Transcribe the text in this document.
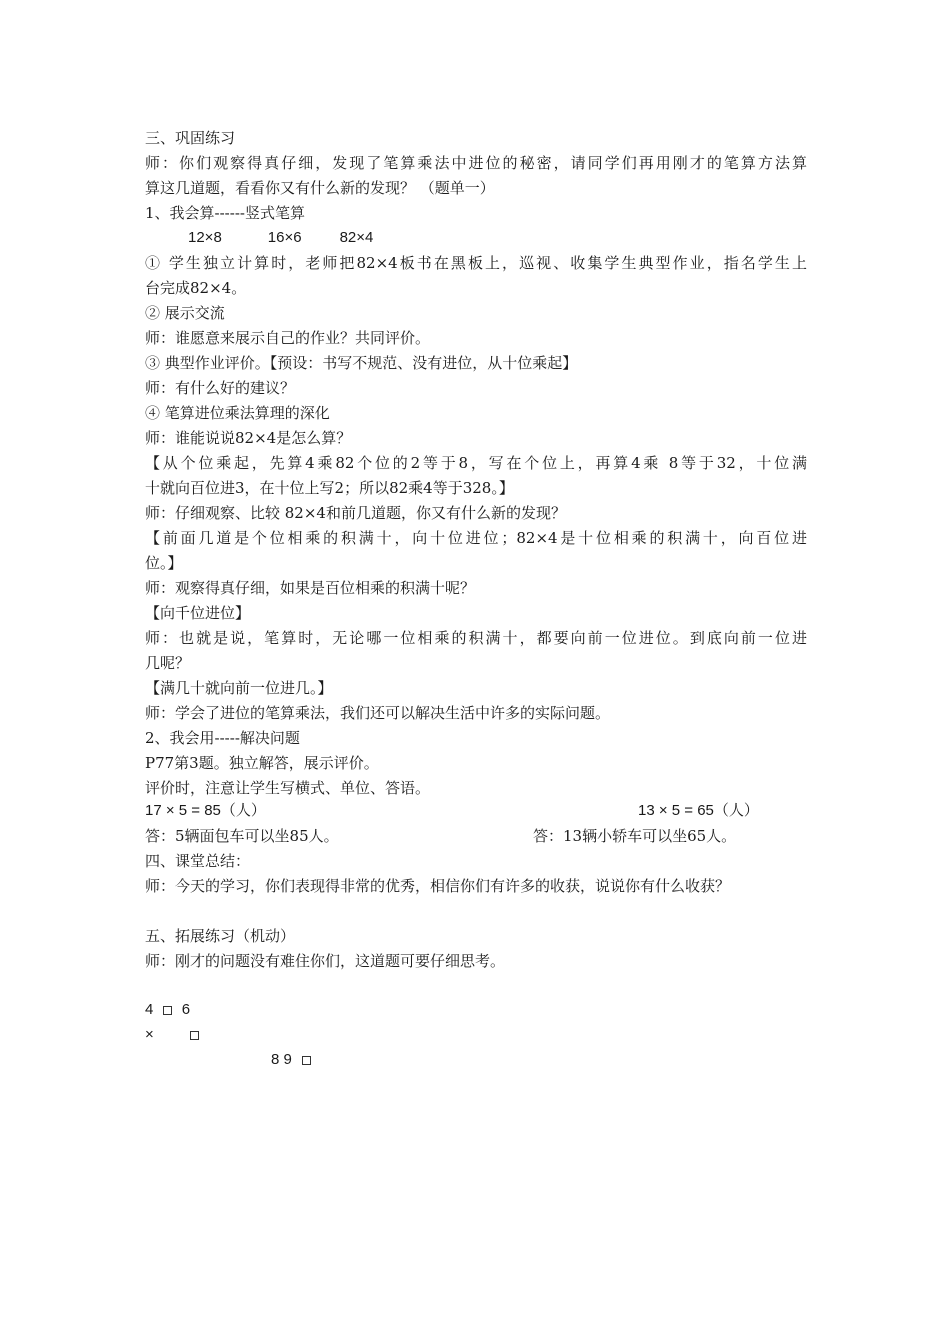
三、巩固练习
师：你们观察得真仔细，发现了笔算乘法中进位的秘密，请同学们再用刚才的笔算方法算
算这几道题，看看你又有什么新的发现？ （题单一）
1、我会算------竖式笔算
12×8	16×6	82×4
① 学生独立计算时，老师把82×4板书在黑板上，巡视、收集学生典型作业，指名学生上
台完成82×4。
② 展示交流
师：谁愿意来展示自己的作业？共同评价。
③ 典型作业评价。【预设：书写不规范、没有进位，从十位乘起】
师：有什么好的建议？
④ 笔算进位乘法算理的深化
师：谁能说说82×4是怎么算？
【从个位乘起，先算4乘82个位的2等于8，写在个位上，再算4乘 8等于32，十位满
十就向百位进3，在十位上写2；所以82乘4等于328。】
师：仔细观察、比较 82×4和前几道题，你又有什么新的发现？
【前面几道是个位相乘的积满十，向十位进位；82×4是十位相乘的积满十，向百位进
位。】
师：观察得真仔细，如果是百位相乘的积满十呢？
【向千位进位】
师：也就是说，笔算时，无论哪一位相乘的积满十，都要向前一位进位。到底向前一位进
几呢？
【满几十就向前一位进几。】
师：学会了进位的笔算乘法，我们还可以解决生活中许多的实际问题。
2、我会用-----解决问题
P77第3题。独立解答，展示评价。
评价时，注意让学生写横式、单位、答语。
17 × 5 = 85（人）	13 × 5 = 65（人）
答：5辆面包车可以坐85人。	答：13辆小轿车可以坐65人。
四、课堂总结：
师：今天的学习，你们表现得非常的优秀，相信你们有许多的收获，说说你有什么收获？
五、拓展练习（机动）
师：刚才的问题没有难住你们，这道题可要仔细思考。
4 6
×
8 9
